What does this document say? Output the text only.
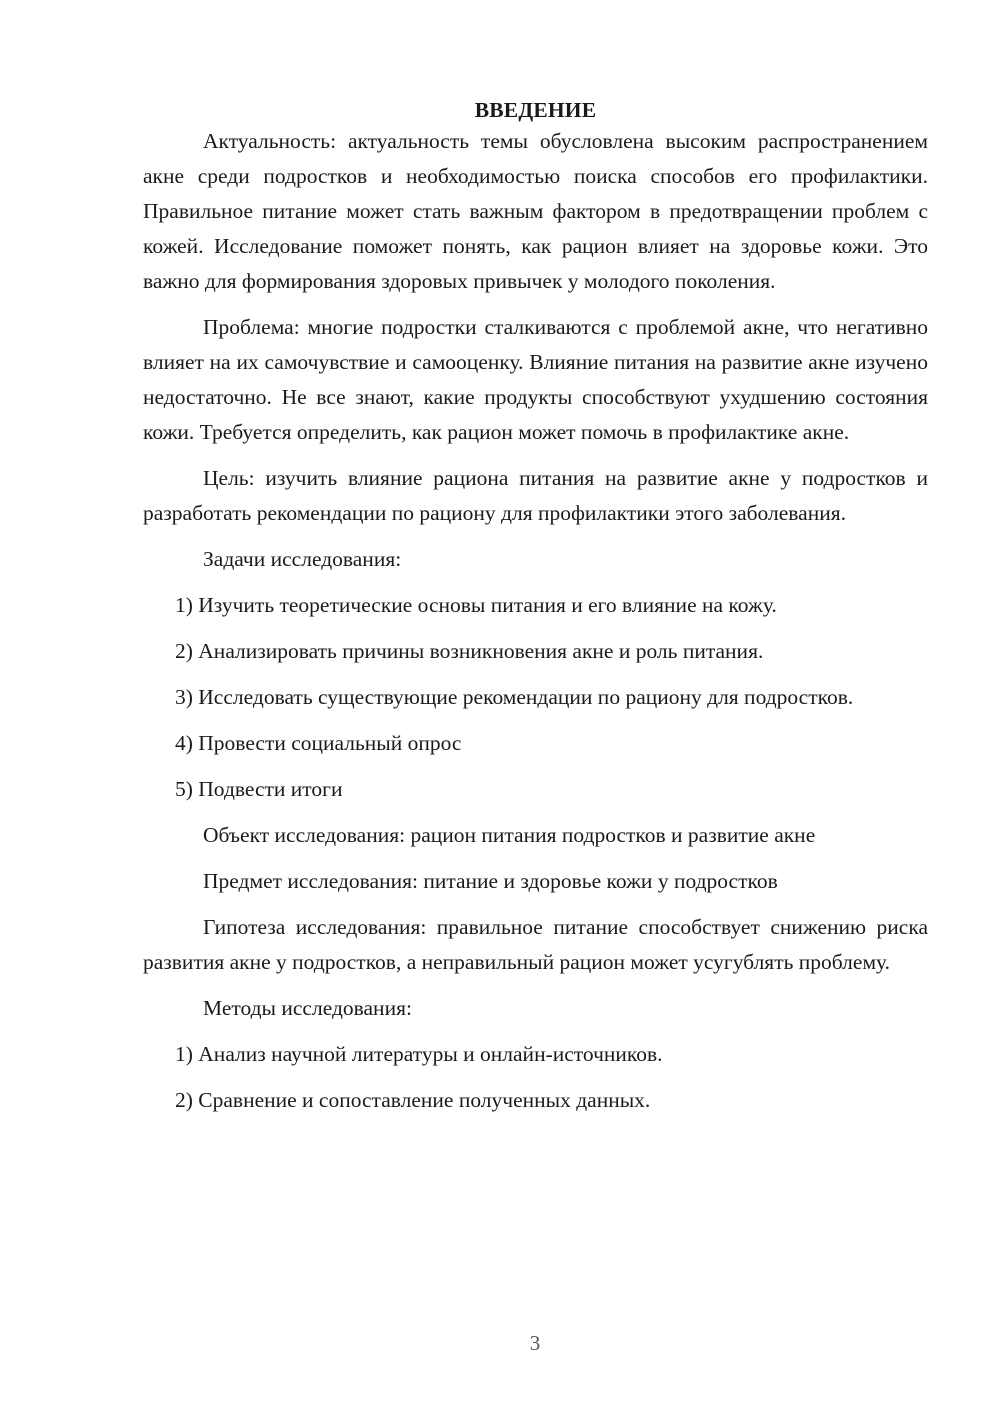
ВВЕДЕНИЕ

Актуальность: актуальность темы обусловлена высоким распространением акне среди подростков и необходимостью поиска способов его профилактики. Правильное питание может стать важным фактором в предотвращении проблем с кожей. Исследование поможет понять, как рацион влияет на здоровье кожи. Это важно для формирования здоровых привычек у молодого поколения.

Проблема: многие подростки сталкиваются с проблемой акне, что негативно влияет на их самочувствие и самооценку. Влияние питания на развитие акне изучено недостаточно. Не все знают, какие продукты способствуют ухудшению состояния кожи. Требуется определить, как рацион может помочь в профилактике акне.

Цель: изучить влияние рациона питания на развитие акне у подростков и разработать рекомендации по рациону для профилактики этого заболевания.

Задачи исследования:

1) Изучить теоретические основы питания и его влияние на кожу.

2) Анализировать причины возникновения акне и роль питания.

3) Исследовать существующие рекомендации по рациону для подростков.

4) Провести социальный опрос

5) Подвести итоги

Объект исследования: рацион питания подростков и развитие акне

Предмет исследования: питание и здоровье кожи у подростков

Гипотеза исследования: правильное питание способствует снижению риска развития акне у подростков, а неправильный рацион может усугублять проблему.

Методы исследования:

1) Анализ научной литературы и онлайн-источников.

2) Сравнение и сопоставление полученных данных.

3
